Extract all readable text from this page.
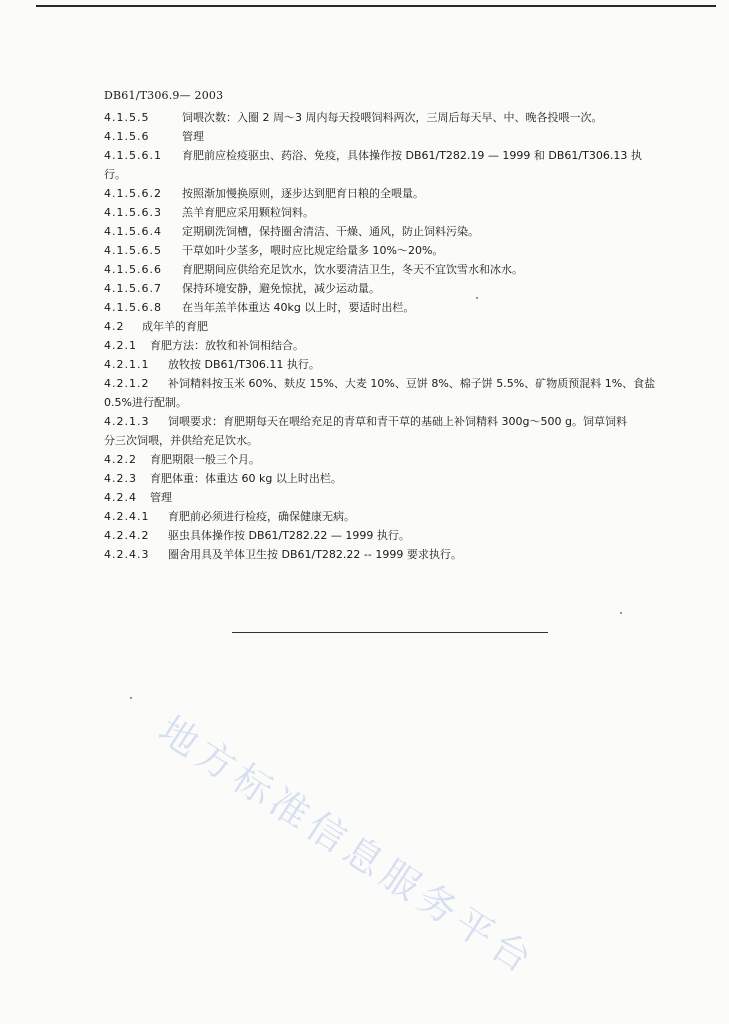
DB61/T306.9— 2003
4.1.5.5	饲喂次数：入圈 2 周～3 周内每天投喂饲料两次，三周后每天早、中、晚各投喂一次。
4.1.5.6	管理
4.1.5.6.1	育肥前应检疫驱虫、药浴、免疫，具体操作按 DB61/T282.19 — 1999 和 DB61/T306.13 执
行。
4.1.5.6.2	按照渐加慢换原则，逐步达到肥育日粮的全喂量。
4.1.5.6.3	羔羊育肥应采用颗粒饲料。
4.1.5.6.4	定期刷洗饲槽，保持圈舍清洁、干燥、通风，防止饲料污染。
4.1.5.6.5	干草如叶少茎多，喂时应比规定给量多 10%～20%。
4.1.5.6.6	育肥期间应供给充足饮水，饮水要清洁卫生，冬天不宜饮雪水和冰水。
4.1.5.6.7	保持环境安静，避免惊扰，减少运动量。
4.1.5.6.8	在当年羔羊体重达 40kg 以上时，要适时出栏。
4.2	成年羊的育肥
4.2.1	育肥方法：放牧和补饲相结合。
4.2.1.1	放牧按 DB61/T306.11 执行。
4.2.1.2	补饲精料按玉米 60%、麸皮 15%、大麦 10%、豆饼 8%、棉子饼 5.5%、矿物质预混料 1%、食盐
0.5%进行配制。
4.2.1.3	饲喂要求：育肥期每天在喂给充足的青草和青干草的基础上补饲精料 300g～500 g。饲草饲料
分三次饲喂，并供给充足饮水。
4.2.2	育肥期限一般三个月。
4.2.3	育肥体重：体重达 60 kg 以上时出栏。
4.2.4	管理
4.2.4.1	育肥前必须进行检疫，确保健康无病。
4.2.4.2	驱虫具体操作按 DB61/T282.22 — 1999 执行。
4.2.4.3	圈舍用具及羊体卫生按 DB61/T282.22 -- 1999 要求执行。
地方标准信息服务平台
